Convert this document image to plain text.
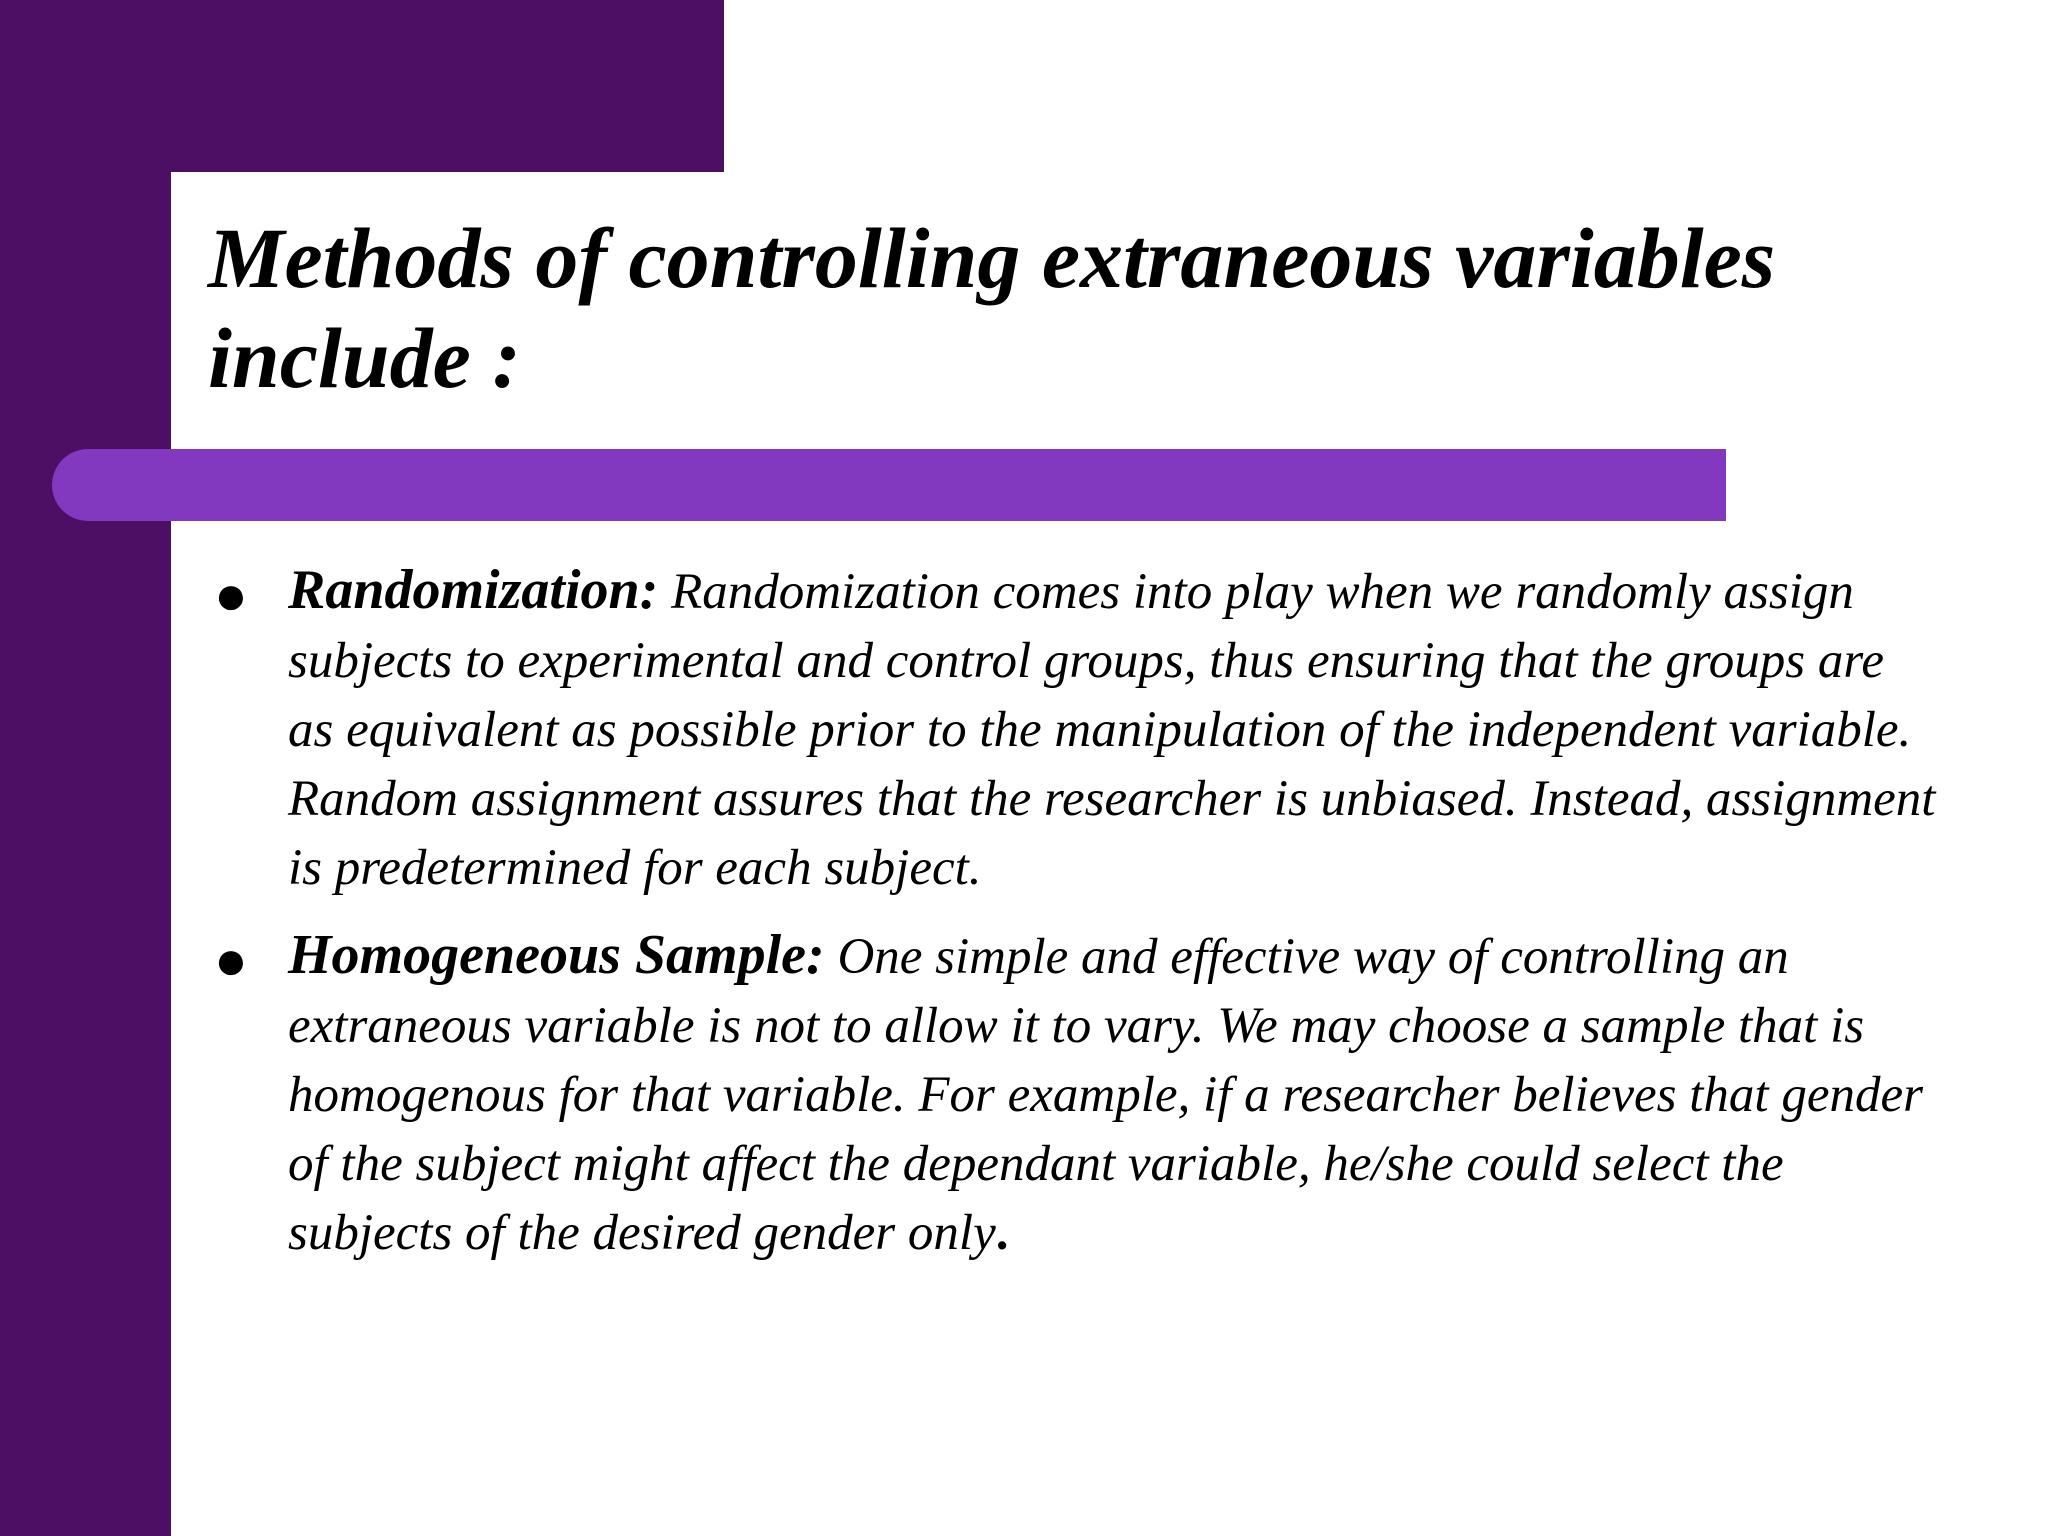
Methods of controlling extraneous variables include :
● Randomization: Randomization comes into play when we randomly assign subjects to experimental and control groups, thus ensuring that the groups are as equivalent as possible prior to the manipulation of the independent variable. Random assignment assures that the researcher is unbiased. Instead, assignment is predetermined for each subject.
● Homogeneous Sample: One simple and effective way of controlling an extraneous variable is not to allow it to vary. We may choose a sample that is homogenous for that variable. For example, if a researcher believes that gender of the subject might affect the dependant variable, he/she could select the subjects of the desired gender only.
